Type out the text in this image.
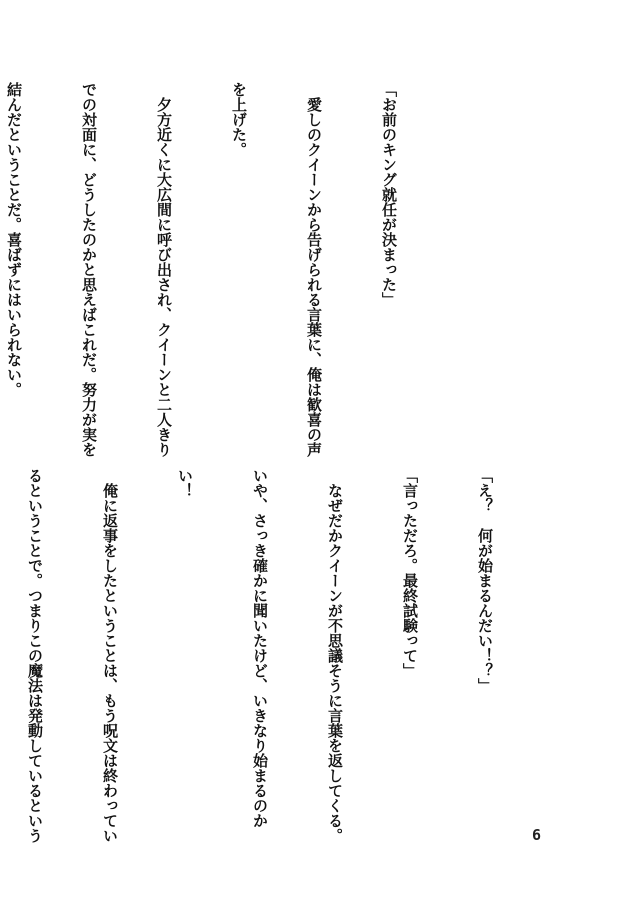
「お前のキング就任が決まった」

　愛しのクイーンから告げられる言葉に、俺は歓喜の声

を上げた。

　夕方近くに大広間に呼び出され、クイーンと二人きり

での対面に、どうしたのかと思えばこれだ。努力が実を

結んだということだ。喜ばずにはいられない。

「え？　何が始まるんだい！？」

「言っただろ。最終試験って」

　なぜだかクイーンが不思議そうに言葉を返してくる。

いや、さっき確かに聞いたけど、いきなり始まるのか

い！

　俺に返事をしたということは、もう呪文は終わってい

るということで。つまりこの魔法は発動しているという

	6
